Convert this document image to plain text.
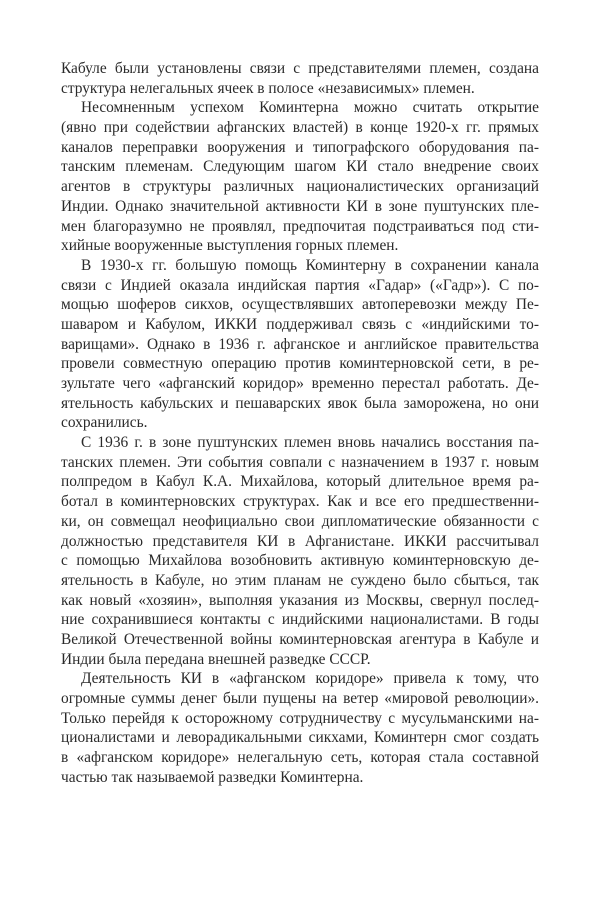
Кабуле были установлены связи с представителями племен, создана
структура нелегальных ячеек в полосе «независимых» племен.
Несомненным успехом Коминтерна можно считать открытие
(явно при содействии афганских властей) в конце 1920-х гг. прямых
каналов переправки вооружения и типографского оборудования па-
танским племенам. Следующим шагом КИ стало внедрение своих
агентов в структуры различных националистических организаций
Индии. Однако значительной активности КИ в зоне пуштунских пле-
мен благоразумно не проявлял, предпочитая подстраиваться под сти-
хийные вооруженные выступления горных племен.
В 1930-х гг. большую помощь Коминтерну в сохранении канала
связи с Индией оказала индийская партия «Гадар» («Гадр»). С по-
мощью шоферов сикхов, осуществлявших автоперевозки между Пе-
шаваром и Кабулом, ИККИ поддерживал связь с «индийскими то-
варищами». Однако в 1936 г. афганское и английское правительства
провели совместную операцию против коминтерновской сети, в ре-
зультате чего «афганский коридор» временно перестал работать. Де-
ятельность кабульских и пешаварских явок была заморожена, но они
сохранились.
С 1936 г. в зоне пуштунских племен вновь начались восстания па-
танских племен. Эти события совпали с назначением в 1937 г. новым
полпредом в Кабул К.А. Михайлова, который длительное время ра-
ботал в коминтерновских структурах. Как и все его предшественни-
ки, он совмещал неофициально свои дипломатические обязанности с
должностью представителя КИ в Афганистане. ИККИ рассчитывал
с помощью Михайлова возобновить активную коминтерновскую де-
ятельность в Кабуле, но этим планам не суждено было сбыться, так
как новый «хозяин», выполняя указания из Москвы, свернул послед-
ние сохранившиеся контакты с индийскими националистами. В годы
Великой Отечественной войны коминтерновская агентура в Кабуле и
Индии была передана внешней разведке СССР.
Деятельность КИ в «афганском коридоре» привела к тому, что
огромные суммы денег были пущены на ветер «мировой революции».
Только перейдя к осторожному сотрудничеству с мусульманскими на-
ционалистами и леворадикальными сикхами, Коминтерн смог создать
в «афганском коридоре» нелегальную сеть, которая стала составной
частью так называемой разведки Коминтерна.
